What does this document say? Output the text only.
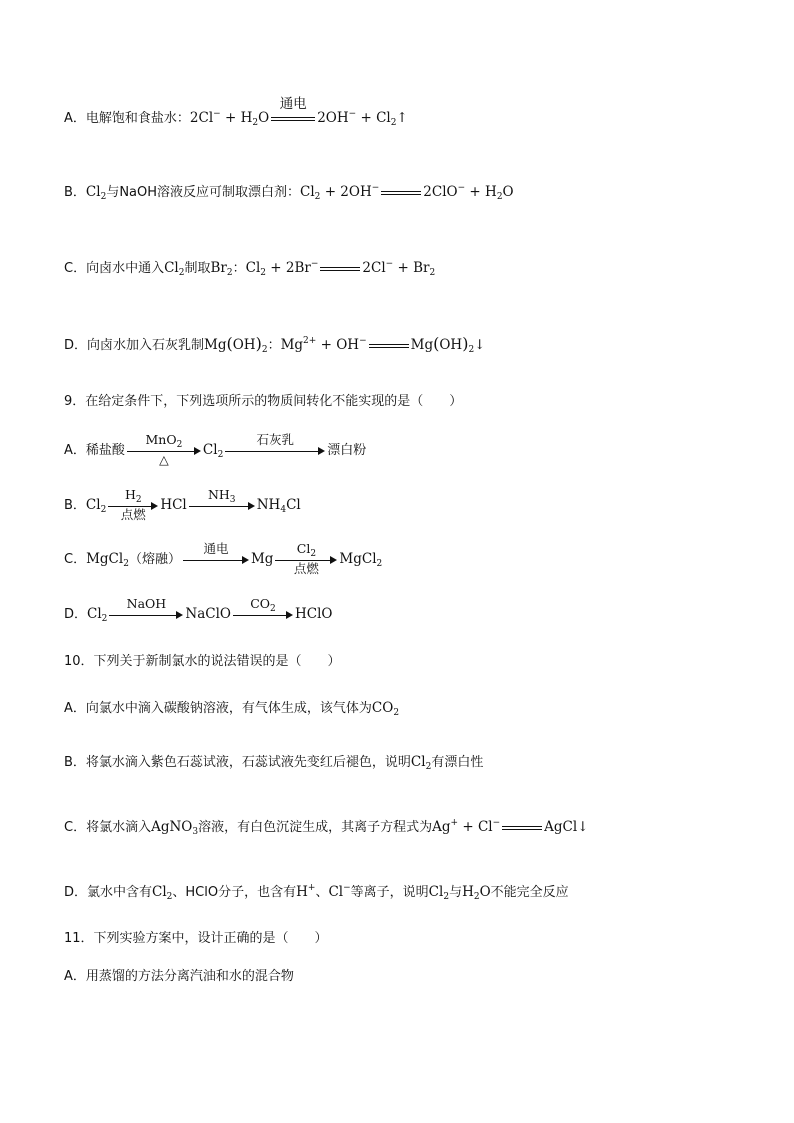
A．电解饱和食盐水：$2Cl^- + H_2O$
通电
$2OH^- + Cl_2↑$
B．$Cl_2$与NaOH溶液反应可制取漂白剂：$Cl_2 + 2OH^-$	$2ClO^- + H_2O$
C．向卤水中通入$Cl_2$制取$Br_2$：$Cl_2 + 2Br^-$	$2Cl^- + Br_2$
D．向卤水加入石灰乳制$Mg(OH)_2$：$Mg^{2+} + OH^-$	$Mg(OH)_2↓$
9．在给定条件下，下列选项所示的物质间转化不能实现的是（　　）
A．稀盐酸
MnO$_2$
△
$Cl_2$
石灰乳
漂白粉
B．$Cl_2$
$H_2$
点燃
HCl
$NH_3$	$NH_4Cl$
C．MgCl$_2$（熔融）
通电
Mg
$Cl_2$
点燃
MgCl$_2$
D．$Cl_2$
NaOH
NaClO
$CO_2$	HClO
10．下列关于新制氯水的说法错误的是（　　）
A．向氯水中滴入碳酸钠溶液，有气体生成，该气体为$CO_2$
B．将氯水滴入紫色石蕊试液，石蕊试液先变红后褪色，说明$Cl_2$有漂白性
C．将氯水滴入AgNO$_3$溶液，有白色沉淀生成，其离子方程式为Ag+ + Cl−	AgCl↓
D．氯水中含有$Cl_2$、HClO分子，也含有H+、Cl−等离子，说明$Cl_2$与$H_2O$不能完全反应
11．下列实验方案中，设计正确的是（　　）
A．用蒸馏的方法分离汽油和水的混合物
